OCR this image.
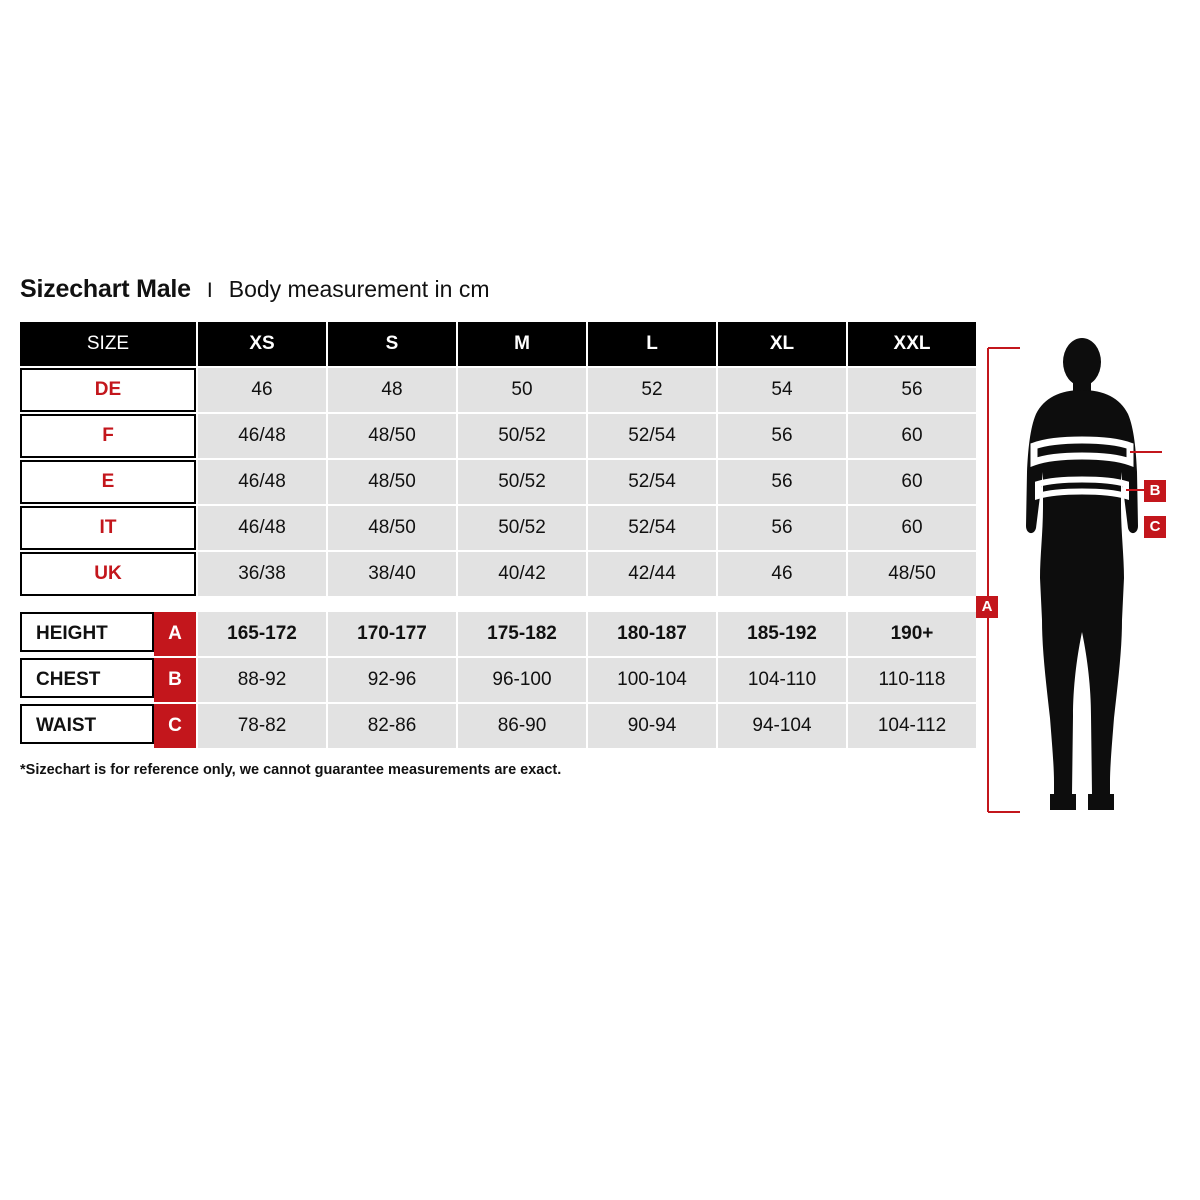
Sizechart Male I Body measurement in cm
SIZE	XS	S	M	L	XL	XXL
DE	46	48	50	52	54	56
F	46/48	48/50	50/52	52/54	56	60
E	46/48	48/50	50/52	52/54	56	60
IT	46/48	48/50	50/52	52/54	56	60
UK	36/38	38/40	40/42	42/44	46	48/50

HEIGHT A	165-172	170-177	175-182	180-187	185-192	190+

CHEST B	88-92	92-96	96-100	100-104	104-110	110-118

WAIST C	78-82	82-86	86-90	90-94	94-104	104-112
*Sizechart is for reference only, we cannot guarantee measurements are exact.
A
B
C
